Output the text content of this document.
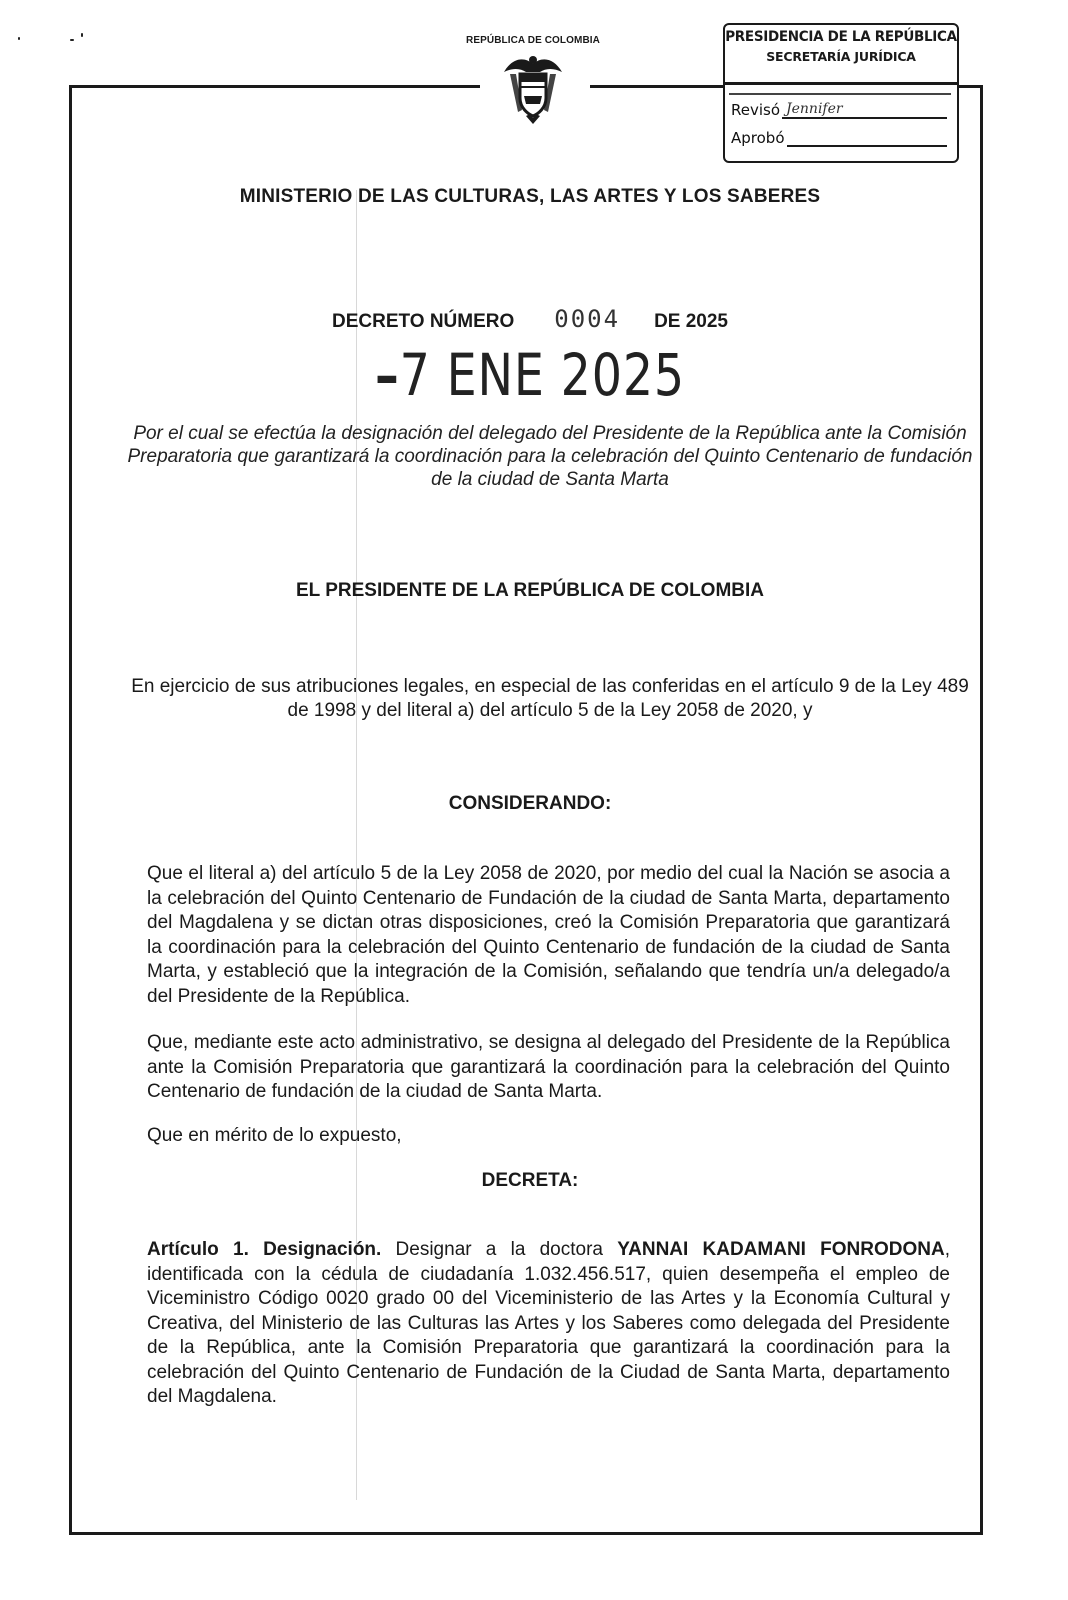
REPÚBLICA DE COLOMBIA	PRESIDENCIA DE LA REPÚBLICA
SECRETARÍA JURÍDICA
Revisó Jennifer
Aprobó
MINISTERIO DE LAS CULTURAS, LAS ARTES Y LOS SABERES
DECRETO NÚMERO 0004 DE 2025
–7 ENE 2025
Por el cual se efectúa la designación del delegado del Presidente de la República ante la Comisión Preparatoria que garantizará la coordinación para la celebración del Quinto Centenario de fundación de la ciudad de Santa Marta
EL PRESIDENTE DE LA REPÚBLICA DE COLOMBIA
En ejercicio de sus atribuciones legales, en especial de las conferidas en el artículo 9 de la Ley 489 de 1998 y del literal a) del artículo 5 de la Ley 2058 de 2020, y
CONSIDERANDO:
Que el literal a) del artículo 5 de la Ley 2058 de 2020, por medio del cual la Nación se asocia a la celebración del Quinto Centenario de Fundación de la ciudad de Santa Marta, departamento del Magdalena y se dictan otras disposiciones, creó la Comisión Preparatoria que garantizará la coordinación para la celebración del Quinto Centenario de fundación de la ciudad de Santa Marta, y estableció que la integración de la Comisión, señalando que tendría un/a delegado/a del Presidente de la República.
Que, mediante este acto administrativo, se designa al delegado del Presidente de la República ante la Comisión Preparatoria que garantizará la coordinación para la celebración del Quinto Centenario de fundación de la ciudad de Santa Marta.
Que en mérito de lo expuesto,
DECRETA:
Artículo 1. Designación. Designar a la doctora YANNAI KADAMANI FONRODONA, identificada con la cédula de ciudadanía 1.032.456.517, quien desempeña el empleo de Viceministro Código 0020 grado 00 del Viceministerio de las Artes y la Economía Cultural y Creativa, del Ministerio de las Culturas las Artes y los Saberes como delegada del Presidente de la República, ante la Comisión Preparatoria que garantizará la coordinación para la celebración del Quinto Centenario de Fundación de la Ciudad de Santa Marta, departamento del Magdalena.
